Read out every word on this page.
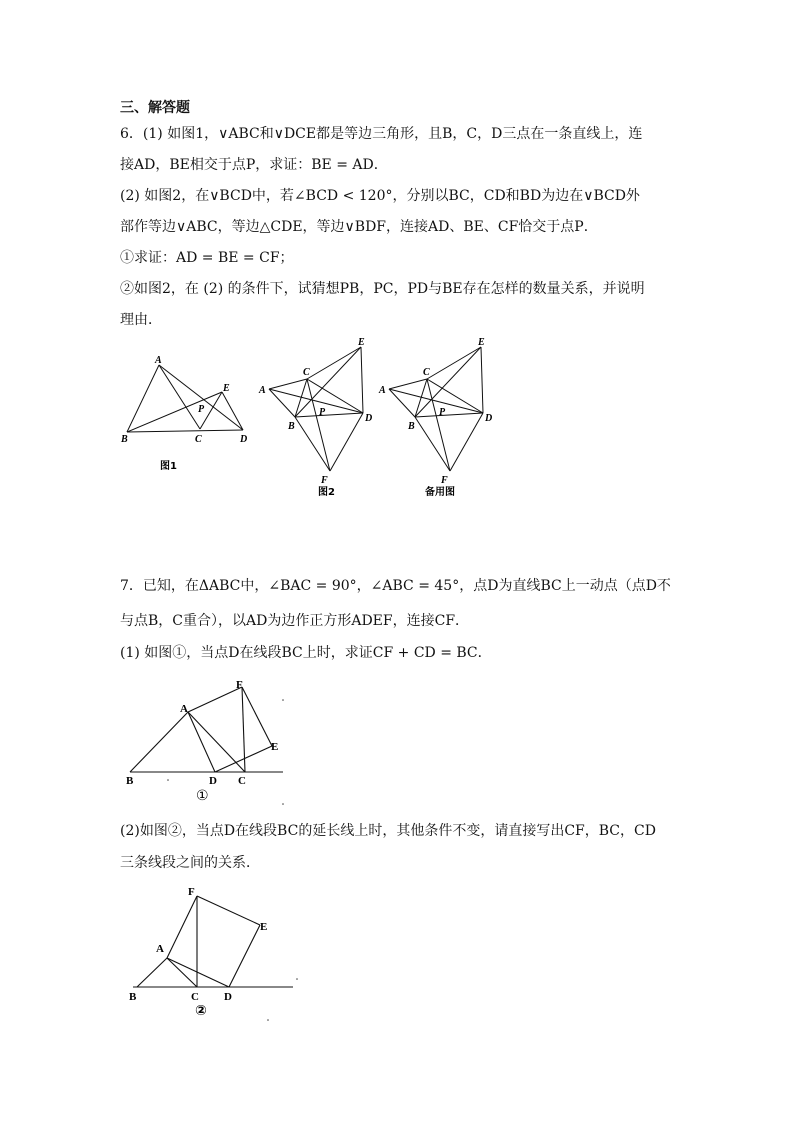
三、解答题
6．(1) 如图1，∨ABC和∨DCE都是等边三角形，且B，C，D三点在一条直线上，连
接AD，BE相交于点P，求证：BE = AD．
(2) 如图2，在∨BCD中，若∠BCD < 120°，分别以BC，CD和BD为边在∨BCD外
部作等边∨ABC，等边△CDE，等边∨BDF，连接AD、BE、CF恰交于点P．
①求证：AD = BE = CF；
②如图2，在 (2) 的条件下，试猜想PB，PC，PD与BE存在怎样的数量关系，并说明
理由．
A
B	C	D
E
P
图1
A
B
C
D
E
F
P
图2
A
B
C
D
E
F
P
备用图
7．已知，在ΔABC中，∠BAC = 90°，∠ABC = 45°，点D为直线BC上一动点（点D不
与点B，C重合），以AD为边作正方形ADEF，连接CF．
(1) 如图①，当点D在线段BC上时，求证CF + CD = BC．
A
B	C
D
E
F
①
(2)如图②，当点D在线段BC的延长线上时，其他条件不变，请直接写出CF，BC，CD
三条线段之间的关系．
A
B	C D
E
F
②
